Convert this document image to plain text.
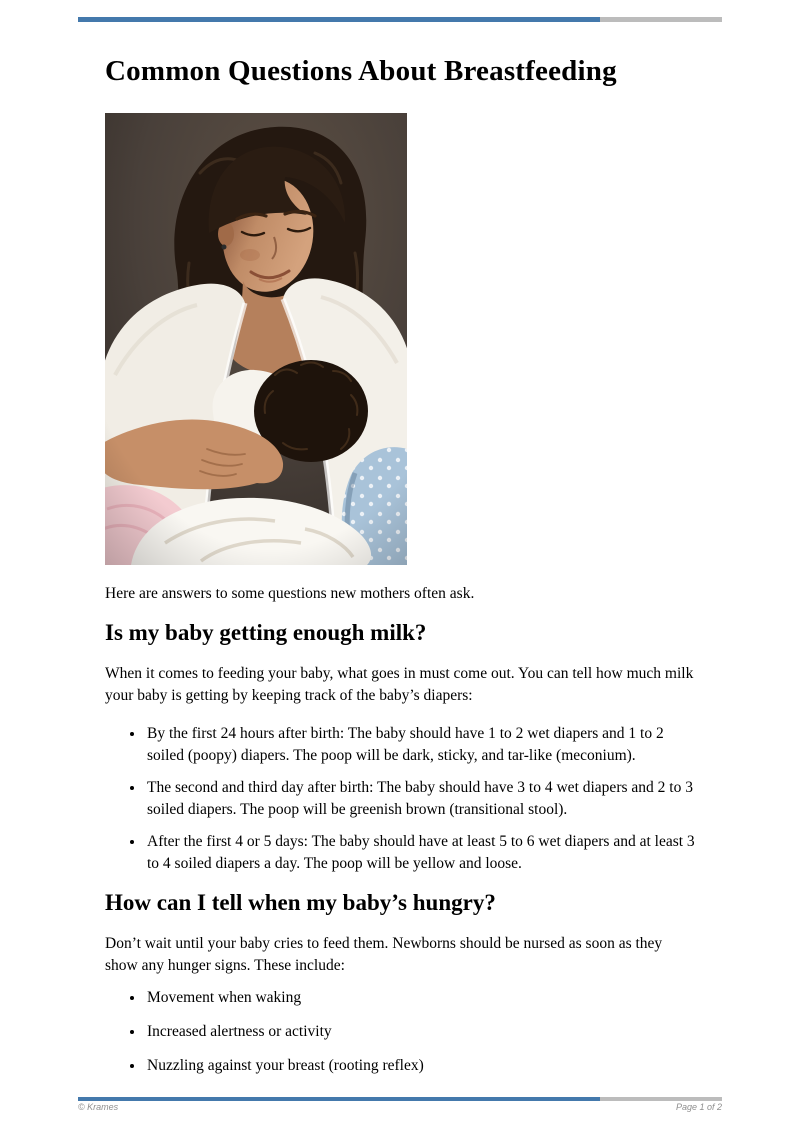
Common Questions About Breastfeeding

Here are answers to some questions new mothers often ask.

Is my baby getting enough milk?

When it comes to feeding your baby, what goes in must come out. You can tell how much milk your baby is getting by keeping track of the baby’s diapers:

• By the first 24 hours after birth: The baby should have 1 to 2 wet diapers and 1 to 2 soiled (poopy) diapers. The poop will be dark, sticky, and tar-like (meconium).
• The second and third day after birth: The baby should have 3 to 4 wet diapers and 2 to 3 soiled diapers. The poop will be greenish brown (transitional stool).
• After the first 4 or 5 days: The baby should have at least 5 to 6 wet diapers and at least 3 to 4 soiled diapers a day. The poop will be yellow and loose.
How can I tell when my baby’s hungry?

Don’t wait until your baby cries to feed them. Newborns should be nursed as soon as they show any hunger signs. These include:

• Movement when waking
• Increased alertness or activity
• Nuzzling against your breast (rooting reflex)
© Krames	Page 1 of 2
